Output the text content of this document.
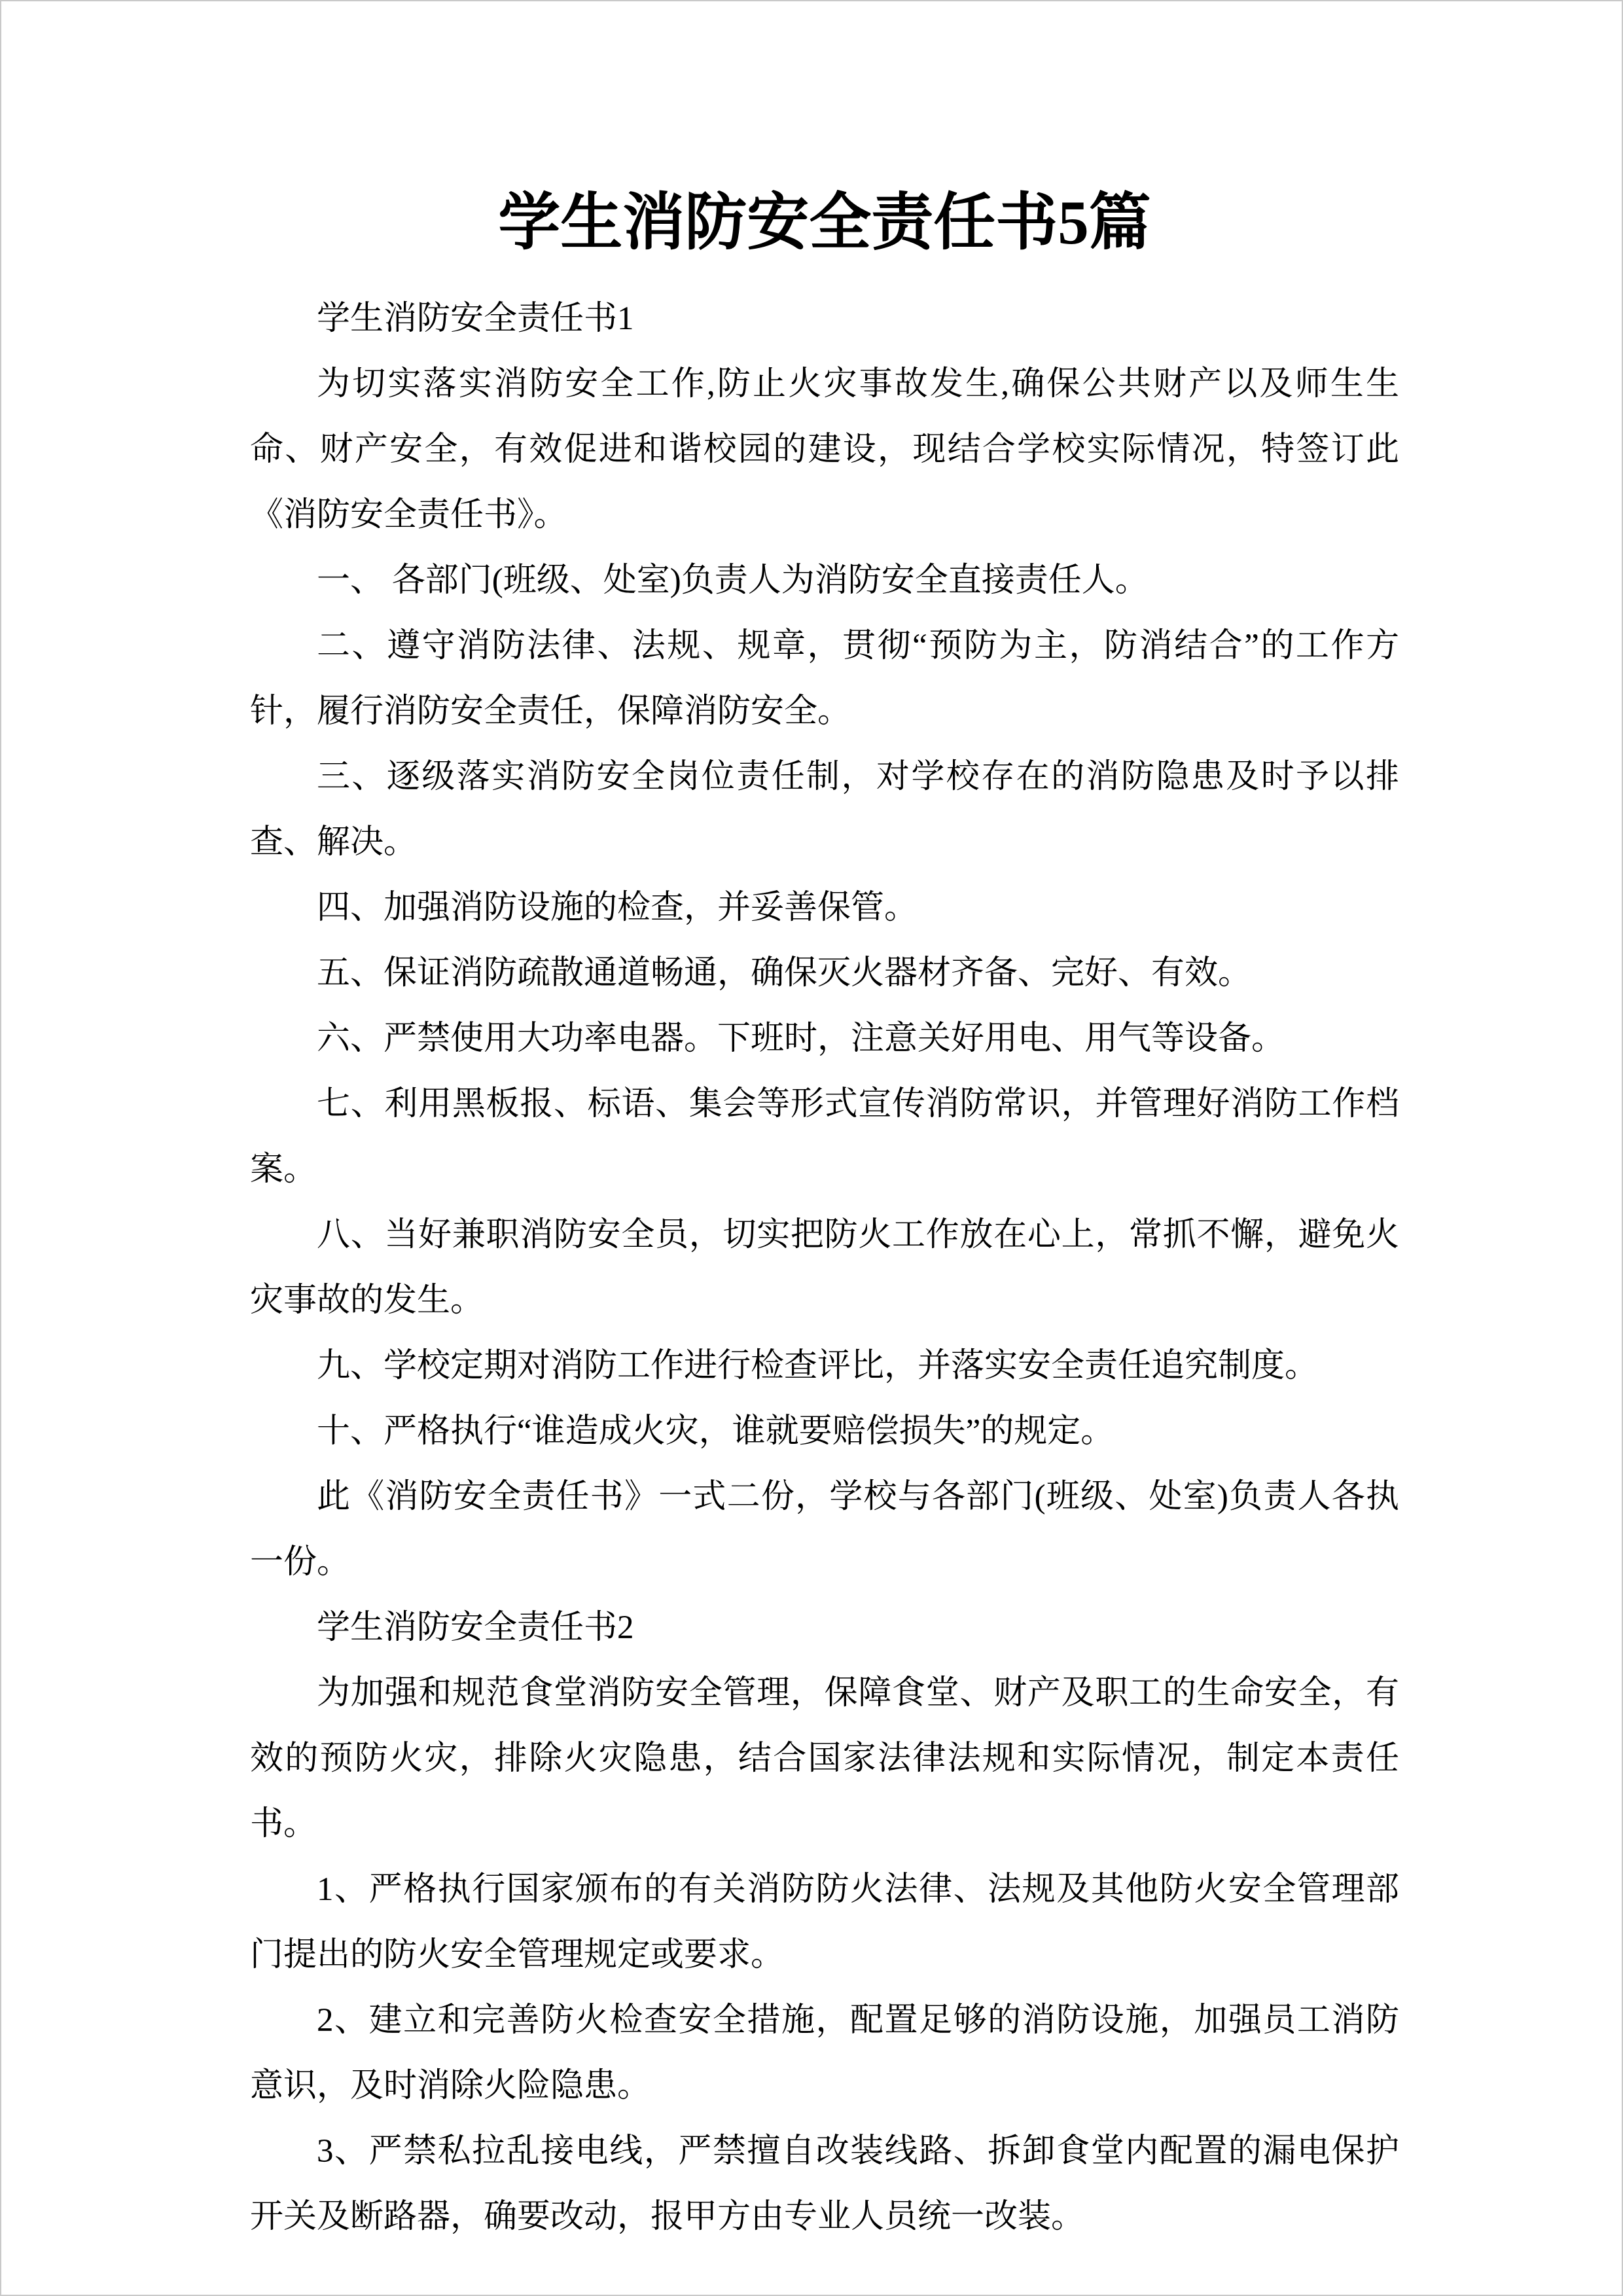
学生消防安全责任书5篇

学生消防安全责任书1

为切实落实消防安全工作,防止火灾事故发生,确保公共财产以及师生生命、财产安全，有效促进和谐校园的建设，现结合学校实际情况，特签订此《消防安全责任书》。

一、 各部门(班级、处室)负责人为消防安全直接责任人。

二、遵守消防法律、法规、规章，贯彻“预防为主，防消结合”的工作方针，履行消防安全责任，保障消防安全。

三、逐级落实消防安全岗位责任制，对学校存在的消防隐患及时予以排查、解决。

四、加强消防设施的检查，并妥善保管。

五、保证消防疏散通道畅通，确保灭火器材齐备、完好、有效。

六、严禁使用大功率电器。下班时，注意关好用电、用气等设备。

七、利用黑板报、标语、集会等形式宣传消防常识，并管理好消防工作档案。

八、当好兼职消防安全员，切实把防火工作放在心上，常抓不懈，避免火灾事故的发生。

九、学校定期对消防工作进行检查评比，并落实安全责任追究制度。

十、严格执行“谁造成火灾，谁就要赔偿损失”的规定。

此《消防安全责任书》一式二份，学校与各部门(班级、处室)负责人各执一份。

学生消防安全责任书2

为加强和规范食堂消防安全管理，保障食堂、财产及职工的生命安全，有效的预防火灾，排除火灾隐患，结合国家法律法规和实际情况，制定本责任书。

1、严格执行国家颁布的有关消防防火法律、法规及其他防火安全管理部门提出的防火安全管理规定或要求。

2、建立和完善防火检查安全措施，配置足够的消防设施，加强员工消防意识，及时消除火险隐患。

3、严禁私拉乱接电线，严禁擅自改装线路、拆卸食堂内配置的漏电保护开关及断路器，确要改动，报甲方由专业人员统一改装。
